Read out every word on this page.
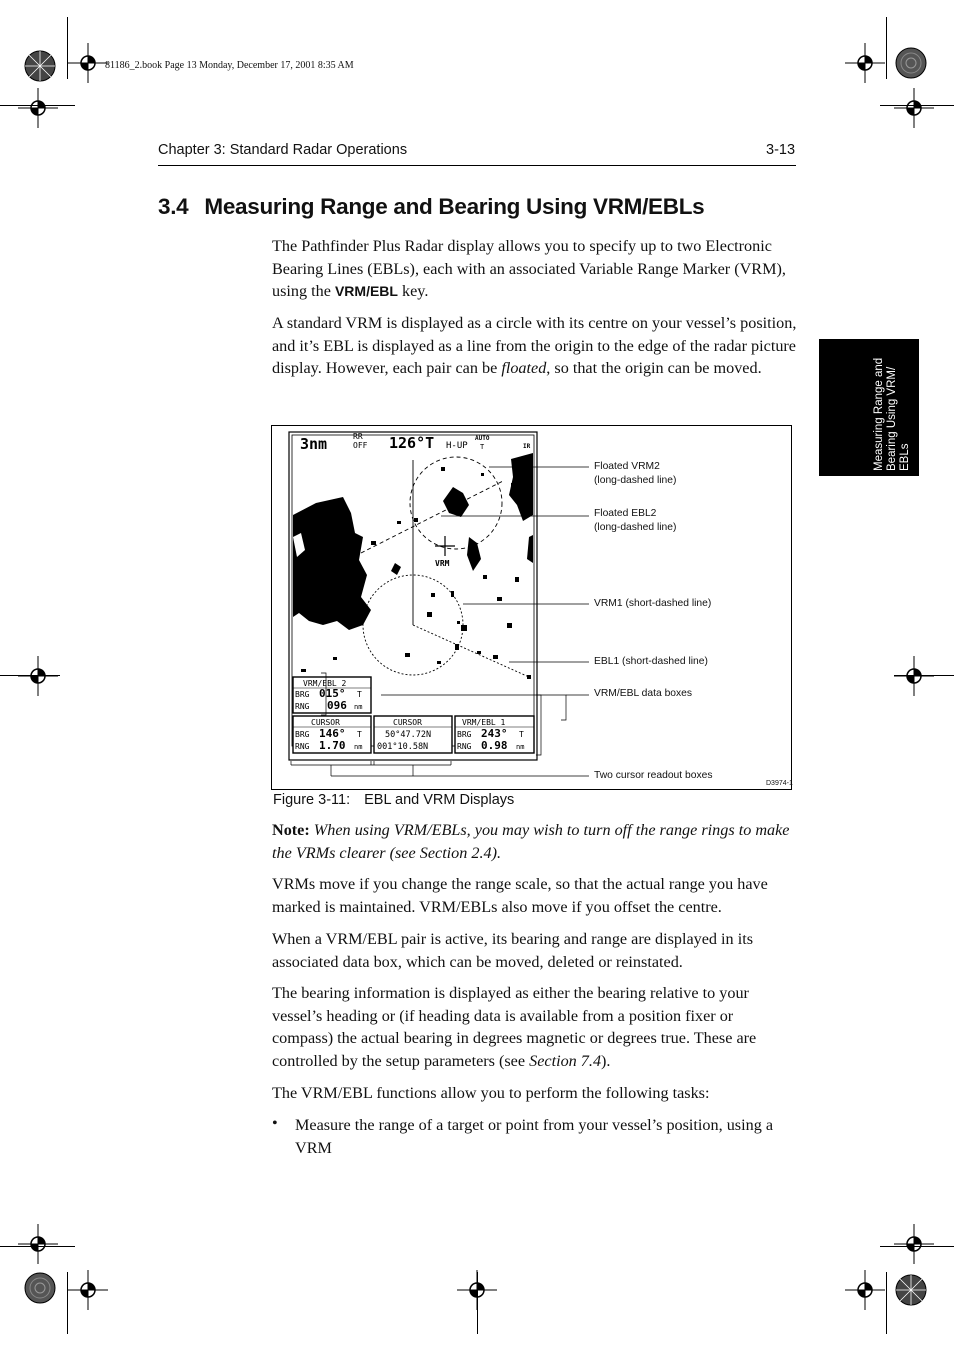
81186_2.book Page 13 Monday, December 17, 2001 8:35 AM
Chapter 3: Standard Radar Operations	3-13
Measuring Range and Bearing Using VRM/ EBLs
3.4 Measuring Range and Bearing Using VRM/EBLs
The Pathfinder Plus Radar display allows you to specify up to two Electronic Bearing Lines (EBLs), each with an associated Variable Range Marker (VRM), using the VRM/EBL key.
A standard VRM is displayed as a circle with its centre on your vessel’s position, and it’s EBL is displayed as a line from the origin to the edge of the radar picture display. However, each pair can be floated, so that the origin can be moved.
3nm	RR
OFF 126°T H-UP
AUTO
T	IR
VRM
VRM/EBL 2
BRG 015° T
RNG 096 nm
CURSOR
BRG 146° T
RNG 1.70 nm
CURSOR
50°47.72N
001°10.58N
VRM/EBL 1
BRG 243° T
RNG 0.98 nm
Floated VRM2
(long-dashed line)
Floated EBL2
(long-dashed line)
VRM1 (short-dashed line)
EBL1 (short-dashed line)
VRM/EBL data boxes
Two cursor readout boxes
D3974-1
Figure 3-11: EBL and VRM Displays
Note: When using VRM/EBLs, you may wish to turn off the range rings to make the VRMs clearer (see Section 2.4).
VRMs move if you change the range scale, so that the actual range you have marked is maintained. VRM/EBLs also move if you offset the centre.
When a VRM/EBL pair is active, its bearing and range are displayed in its associated data box, which can be moved, deleted or reinstated.
The bearing information is displayed as either the bearing relative to your vessel’s heading or (if heading data is available from a position fixer or compass) the actual bearing in degrees magnetic or degrees true. These are controlled by the setup parameters (see Section 7.4).
The VRM/EBL functions allow you to perform the following tasks:
• Measure the range of a target or point from your vessel’s position, using a VRM
